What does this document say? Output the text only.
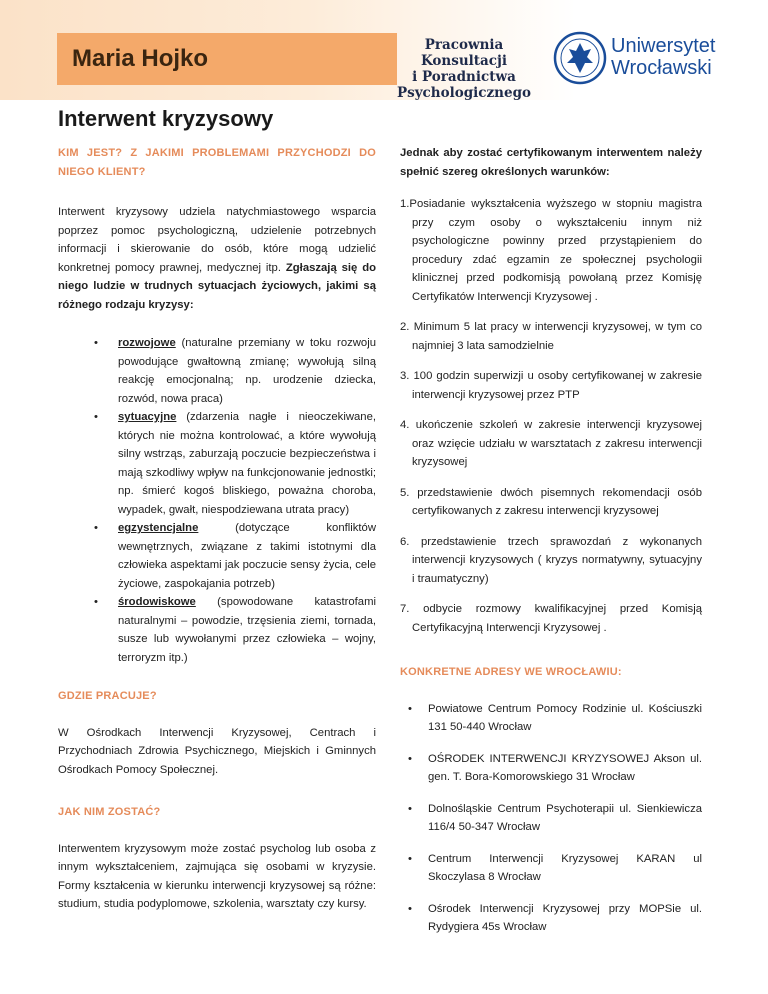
Maria Hojko	Pracownia Konsultacji
i Poradnictwa
Psychologicznego
Uniwersytet
Wrocławski
Interwent kryzysowy

KIM JEST? Z JAKIMI PROBLEMAMI PRZYCHODZI DO NIEGO KLIENT?

Interwent kryzysowy udziela natychmiastowego wsparcia poprzez pomoc psychologiczną, udzielenie potrzebnych informacji i skierowanie do osób, które mogą udzielić konkretnej pomocy prawnej, medycznej itp. Zgłaszają się do niego ludzie w trudnych sytuacjach życiowych, jakimi są różnego rodzaju kryzysy:

• rozwojowe (naturalne przemiany w toku rozwoju powodujące gwałtowną zmianę; wywołują silną reakcję emocjonalną; np. urodzenie dziecka, rozwód, nowa praca)
• sytuacyjne (zdarzenia nagłe i nieoczekiwane, których nie można kontrolować, a które wywołują silny wstrząs, zaburzają poczucie bezpieczeństwa i mają szkodliwy wpływ na funkcjonowanie jednostki; np. śmierć kogoś bliskiego, poważna choroba, wypadek, gwałt, niespodziewana utrata pracy)
• egzystencjalne (dotyczące konfliktów wewnętrznych, związane z takimi istotnymi dla człowieka aspektami jak poczucie sensy życia, cele życiowe, zaspokajania potrzeb)
• środowiskowe (spowodowane katastrofami naturalnymi – powodzie, trzęsienia ziemi, tornada, susze lub wywołanymi przez człowieka – wojny, terroryzm itp.)

GDZIE PRACUJE?

W Ośrodkach Interwencji Kryzysowej, Centrach i Przychodniach Zdrowia Psychicznego, Miejskich i Gminnych Ośrodkach Pomocy Społecznej.

JAK NIM ZOSTAĆ?

Interwentem kryzysowym może zostać psycholog lub osoba z innym wykształceniem, zajmująca się osobami w kryzysie. Formy kształcenia w kierunku interwencji kryzysowej są różne: studium, studia podyplomowe, szkolenia, warsztaty czy kursy.

Jednak aby zostać certyfikowanym interwentem należy spełnić szereg określonych warunków:

1.Posiadanie wykształcenia wyższego w stopniu magistra przy czym osoby o wykształceniu innym niż psychologiczne powinny przed przystąpieniem do procedury zdać egzamin ze społecznej psychologii klinicznej przed podkomisją powołaną przez Komisję Certyfikatów Interwencji Kryzysowej .

2. Minimum 5 lat pracy w interwencji kryzysowej, w tym co najmniej 3 lata samodzielnie

3. 100 godzin superwizji u osoby certyfikowanej w zakresie interwencji kryzysowej przez PTP

4. ukończenie szkoleń w zakresie interwencji kryzysowej oraz wzięcie udziału w warsztatach z zakresu interwencji kryzysowej

5. przedstawienie dwóch pisemnych rekomendacji osób certyfikowanych z zakresu interwencji kryzysowej

6. przedstawienie trzech sprawozdań z wykonanych interwencji kryzysowych ( kryzys normatywny, sytuacyjny i traumatyczny)

7. odbycie rozmowy kwalifikacyjnej przed Komisją Certyfikacyjną Interwencji Kryzysowej .

KONKRETNE ADRESY WE WROCŁAWIU:

• Powiatowe Centrum Pomocy Rodzinie ul. Kościuszki 131 50-440 Wrocław
• OŚRODEK INTERWENCJI KRYZYSOWEJ Akson ul. gen. T. Bora-Komorowskiego 31 Wrocław
• Dolnośląskie Centrum Psychoterapii ul. Sienkiewicza 116/4 50-347 Wrocław
• Centrum Interwencji Kryzysowej KARAN ul Skoczylasa 8 Wrocław
• Ośrodek Interwencji Kryzysowej przy MOPSie ul. Rydygiera 45s Wrocław
